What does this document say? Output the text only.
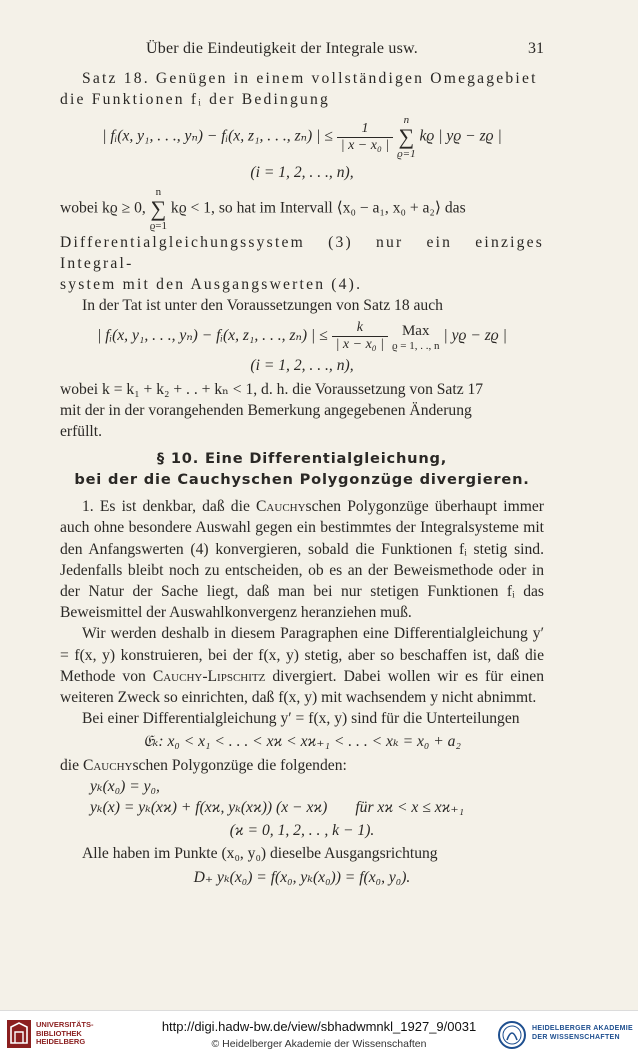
Über die Eindeutigkeit der Integrale usw.	31

Satz 18. Genügen in einem vollständigen Omegagebiet

die Funktionen fᵢ der Bedingung

| fᵢ(x, y₁, . . ., yₙ) − fᵢ(x, z₁, . . ., zₙ) | ≤ $\frac{1}{\text{| x − x₀ |}}$
n
∑
ϱ=1 kϱ | yϱ − zϱ |
(i = 1, 2, . . ., n),

wobei kϱ ≥ 0, n
∑
ϱ=1 kϱ < 1, so hat im Intervall ⟨x₀ − a₁, x₀ + a₂⟩ das

Differentialgleichungssystem (3) nur ein einziges Integral-

system mit den Ausgangswerten (4).

In der Tat ist unter den Voraussetzungen von Satz 18 auch

| fᵢ(x, y₁, . . ., yₙ) − fᵢ(x, z₁, . . ., zₙ) | ≤ $\frac{k}{\text{| x − x₀ |}}$
Max
ϱ = 1, . ., n | yϱ − zϱ |
(i = 1, 2, . . ., n),

wobei k = k₁ + k₂ + . . + kₙ < 1, d. h. die Voraussetzung von Satz 17

mit der in der vorangehenden Bemerkung angegebenen Änderung

erfüllt.

§ 10. Eine Differentialgleichung,
bei der die Cauchyschen Polygonzüge divergieren.

1. Es ist denkbar, daß die Cauchyschen Polygonzüge überhaupt immer auch ohne besondere Auswahl gegen ein bestimmtes der Integralsysteme mit den Anfangswerten (4) konvergieren, sobald die Funktionen fᵢ stetig sind. Jedenfalls bleibt noch zu entscheiden, ob es an der Beweismethode oder in der Natur der Sache liegt, daß man bei nur stetigen Funktionen fᵢ das Beweismittel der Auswahlkonvergenz heranziehen muß.

Wir werden deshalb in diesem Paragraphen eine Differentialgleichung y′ = f(x, y) konstruieren, bei der f(x, y) stetig, aber so beschaffen ist, daß die Methode von Cauchy-Lipschitz divergiert. Dabei wollen wir es für einen weiteren Zweck so einrichten, daß f(x, y) mit wachsendem y nicht abnimmt.

Bei einer Differentialgleichung y′ = f(x, y) sind für die Unterteilungen

𝔈ₖ: x₀ < x₁ < . . . < xϰ < xϰ₊₁ < . . . < xₖ = x₀ + a₂

die Cauchyschen Polygonzüge die folgenden:

yₖ(x₀) = y₀,
yₖ(x) = yₖ(xϰ) + f(xϰ, yₖ(xϰ)) (x − xϰ) für xϰ < x ≤ xϰ₊₁
(ϰ = 0, 1, 2, . . , k − 1).

Alle haben im Punkte (x₀, y₀) dieselbe Ausgangsrichtung

D₊ yₖ(x₀) = f(x₀, yₖ(x₀)) = f(x₀, y₀).
UNIVERSITÄTS-
BIBLIOTHEK
HEIDELBERG
http://digi.hadw-bw.de/view/sbhadwmnkl_1927_9/0031
© Heidelberger Akademie der Wissenschaften
HEIDELBERGER AKADEMIE
DER WISSENSCHAFTEN
